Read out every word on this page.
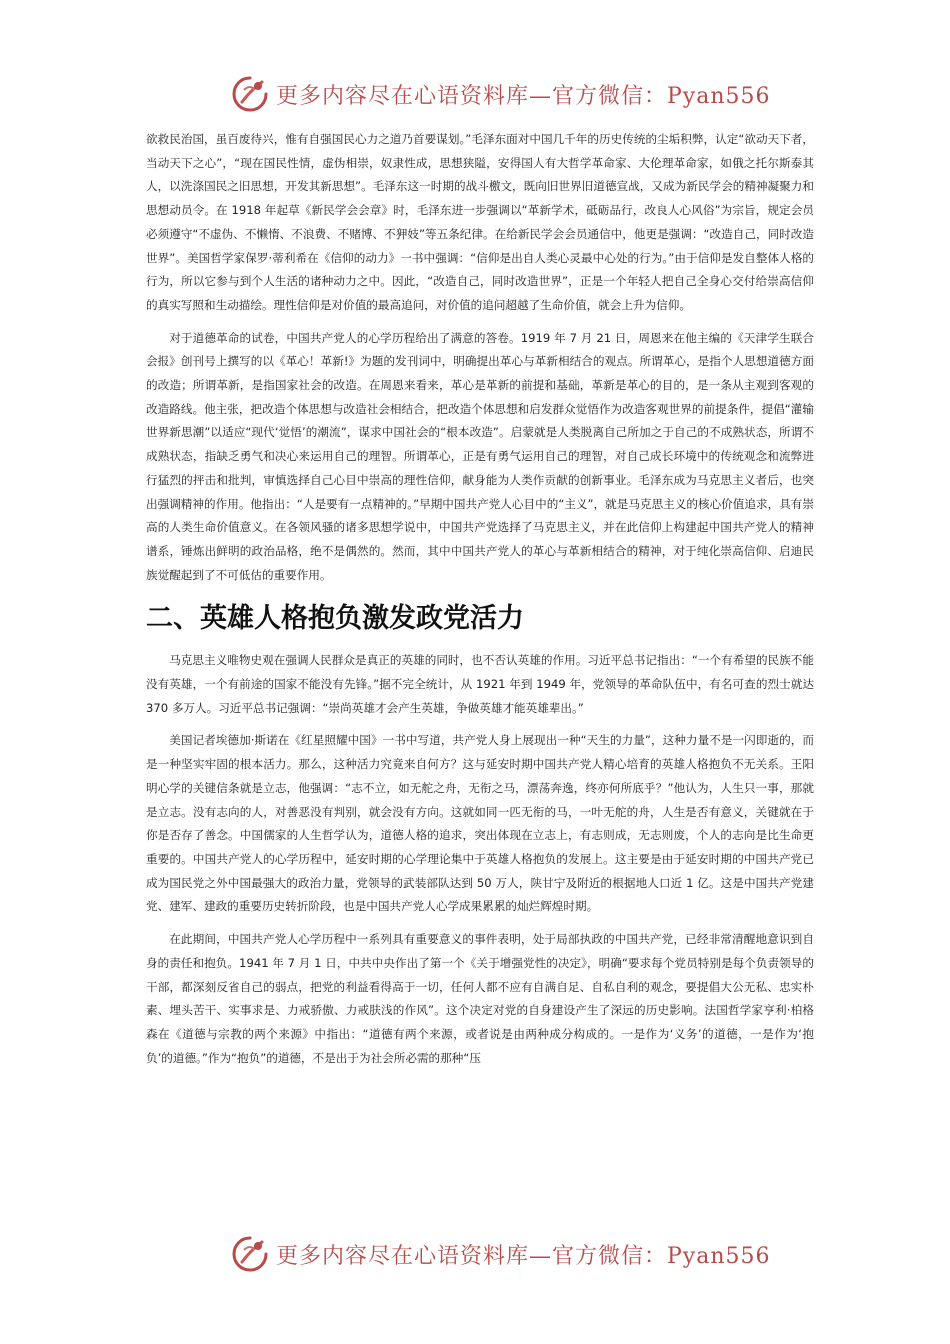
更多内容尽在心语资料库—官方微信：Pyan556

欲救民治国，虽百废待兴，惟有自强国民心力之道乃首要谋划。”毛泽东面对中国几千年的历史传统的尘垢积弊，认定“欲动天下者，当动天下之心”，“现在国民性情，虚伪相崇，奴隶性成，思想狭隘，安得国人有大哲学革命家、大伦理革命家，如俄之托尔斯泰其人，以洗涤国民之旧思想，开发其新思想”。毛泽东这一时期的战斗檄文，既向旧世界旧道德宣战，又成为新民学会的精神凝聚力和思想动员令。在 1918 年起草《新民学会会章》时，毛泽东进一步强调以“革新学术，砥砺品行，改良人心风俗”为宗旨，规定会员必须遵守“不虚伪、不懒惰、不浪费、不赌博、不狎妓”等五条纪律。在给新民学会会员通信中，他更是强调：“改造自己，同时改造世界”。美国哲学家保罗·蒂利希在《信仰的动力》一书中强调：“信仰是出自人类心灵最中心处的行为。”由于信仰是发自整体人格的行为，所以它参与到个人生活的诸种动力之中。因此，“改造自己，同时改造世界”，正是一个年轻人把自己全身心交付给崇高信仰的真实写照和生动描绘。理性信仰是对价值的最高追问，对价值的追问超越了生命价值，就会上升为信仰。

对于道德革命的试卷，中国共产党人的心学历程给出了满意的答卷。1919 年 7 月 21 日，周恩来在他主编的《天津学生联合会报》创刊号上撰写的以《革心！革新!》为题的发刊词中，明确提出革心与革新相结合的观点。所谓革心，是指个人思想道德方面的改造；所谓革新，是指国家社会的改造。在周恩来看来，革心是革新的前提和基础，革新是革心的目的，是一条从主观到客观的改造路线。他主张，把改造个体思想与改造社会相结合，把改造个体思想和启发群众觉悟作为改造客观世界的前提条件，提倡“灌输世界新思潮”以适应“现代‘觉悟’的潮流”，谋求中国社会的“根本改造”。启蒙就是人类脱离自己所加之于自己的不成熟状态，所谓不成熟状态，指缺乏勇气和决心来运用自己的理智。所谓革心，正是有勇气运用自己的理智，对自己成长环境中的传统观念和流弊进行猛烈的抨击和批判，审慎选择自己心目中崇高的理性信仰，献身能为人类作贡献的创新事业。毛泽东成为马克思主义者后，也突出强调精神的作用。他指出：“人是要有一点精神的。”早期中国共产党人心目中的“主义”，就是马克思主义的核心价值追求，具有崇高的人类生命价值意义。在各领风骚的诸多思想学说中，中国共产党选择了马克思主义，并在此信仰上构建起中国共产党人的精神谱系，锤炼出鲜明的政治品格，绝不是偶然的。然而，其中中国共产党人的革心与革新相结合的精神，对于纯化崇高信仰、启迪民族觉醒起到了不可低估的重要作用。

二、英雄人格抱负激发政党活力

马克思主义唯物史观在强调人民群众是真正的英雄的同时，也不否认英雄的作用。习近平总书记指出：“一个有希望的民族不能没有英雄，一个有前途的国家不能没有先锋。”据不完全统计，从 1921 年到 1949 年，党领导的革命队伍中，有名可查的烈士就达 370 多万人。习近平总书记强调：“崇尚英雄才会产生英雄，争做英雄才能英雄辈出。”

美国记者埃德加·斯诺在《红星照耀中国》一书中写道，共产党人身上展现出一种“天生的力量”，这种力量不是一闪即逝的，而是一种坚实牢固的根本活力。那么，这种活力究竟来自何方？这与延安时期中国共产党人精心培育的英雄人格抱负不无关系。王阳明心学的关键信条就是立志，他强调：“志不立，如无舵之舟，无衔之马，漂荡奔逸，终亦何所底乎？”他认为，人生只一事，那就是立志。没有志向的人，对善恶没有判别，就会没有方向。这就如同一匹无衔的马，一叶无舵的舟，人生是否有意义，关键就在于你是否存了善念。中国儒家的人生哲学认为，道德人格的追求，突出体现在立志上，有志则成，无志则废，个人的志向是比生命更重要的。中国共产党人的心学历程中，延安时期的心学理论集中于英雄人格抱负的发展上。这主要是由于延安时期的中国共产党已成为国民党之外中国最强大的政治力量，党领导的武装部队达到 50 万人，陕甘宁及附近的根据地人口近 1 亿。这是中国共产党建党、建军、建政的重要历史转折阶段，也是中国共产党人心学成果累累的灿烂辉煌时期。

在此期间，中国共产党人心学历程中一系列具有重要意义的事件表明，处于局部执政的中国共产党，已经非常清醒地意识到自身的责任和抱负。1941 年 7 月 1 日，中共中央作出了第一个《关于增强党性的决定》，明确“要求每个党员特别是每个负责领导的干部，都深刻反省自己的弱点，把党的利益看得高于一切，任何人都不应有自满自足、自私自利的观念，要提倡大公无私、忠实朴素、埋头苦干、实事求是、力戒骄傲、力戒肤浅的作风”。这个决定对党的自身建设产生了深远的历史影响。法国哲学家亨利·柏格森在《道德与宗教的两个来源》中指出：“道德有两个来源，或者说是由两种成分构成的。一是作为‘义务’的道德，一是作为‘抱负’的道德。”作为“抱负”的道德，不是出于为社会所必需的那种“压

更多内容尽在心语资料库—官方微信：Pyan556
